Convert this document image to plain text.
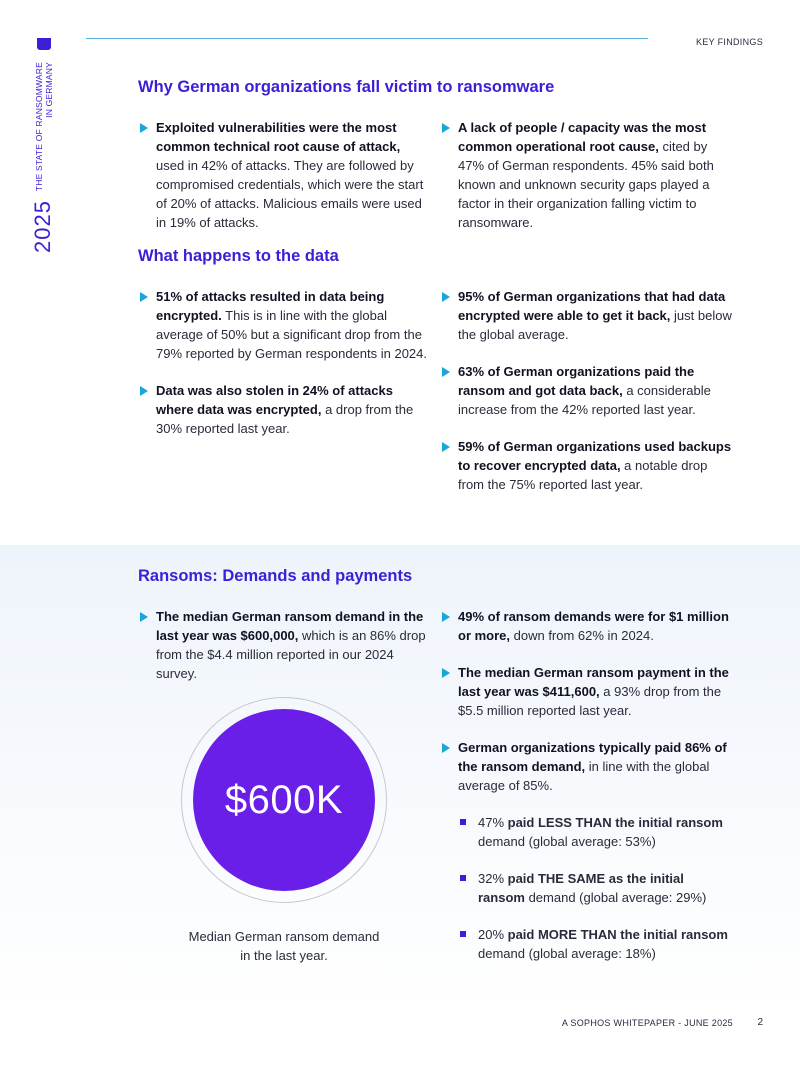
THE STATE OF RANSOMWARE IN GERMANY
2025
KEY FINDINGS
Why German organizations fall victim to ransomware
Exploited vulnerabilities were the most common technical root cause of attack, used in 42% of attacks. They are followed by compromised credentials, which were the start of 20% of attacks. Malicious emails were used in 19% of attacks.
A lack of people / capacity was the most common operational root cause, cited by 47% of German respondents. 45% said both known and unknown security gaps played a factor in their organization falling victim to ransomware.
What happens to the data
51% of attacks resulted in data being encrypted. This is in line with the global average of 50% but a significant drop from the 79% reported by German respondents in 2024.
Data was also stolen in 24% of attacks where data was encrypted, a drop from the 30% reported last year.
95% of German organizations that had data encrypted were able to get it back, just below the global average.
63% of German organizations paid the ransom and got data back, a considerable increase from the 42% reported last year.
59% of German organizations used backups to recover encrypted data, a notable drop from the 75% reported last year.
Ransoms: Demands and payments
The median German ransom demand in the last year was $600,000, which is an 86% drop from the $4.4 million reported in our 2024 survey.
$600K
Median German ransom demand in the last year.
49% of ransom demands were for $1 million or more, down from 62% in 2024.
The median German ransom payment in the last year was $411,600, a 93% drop from the $5.5 million reported last year.
German organizations typically paid 86% of the ransom demand, in line with the global average of 85%.
47% paid LESS THAN the initial ransom demand (global average: 53%)
32% paid THE SAME as the initial ransom demand (global average: 29%)
20% paid MORE THAN the initial ransom demand (global average: 18%)
A SOPHOS WHITEPAPER - JUNE 2025 2
